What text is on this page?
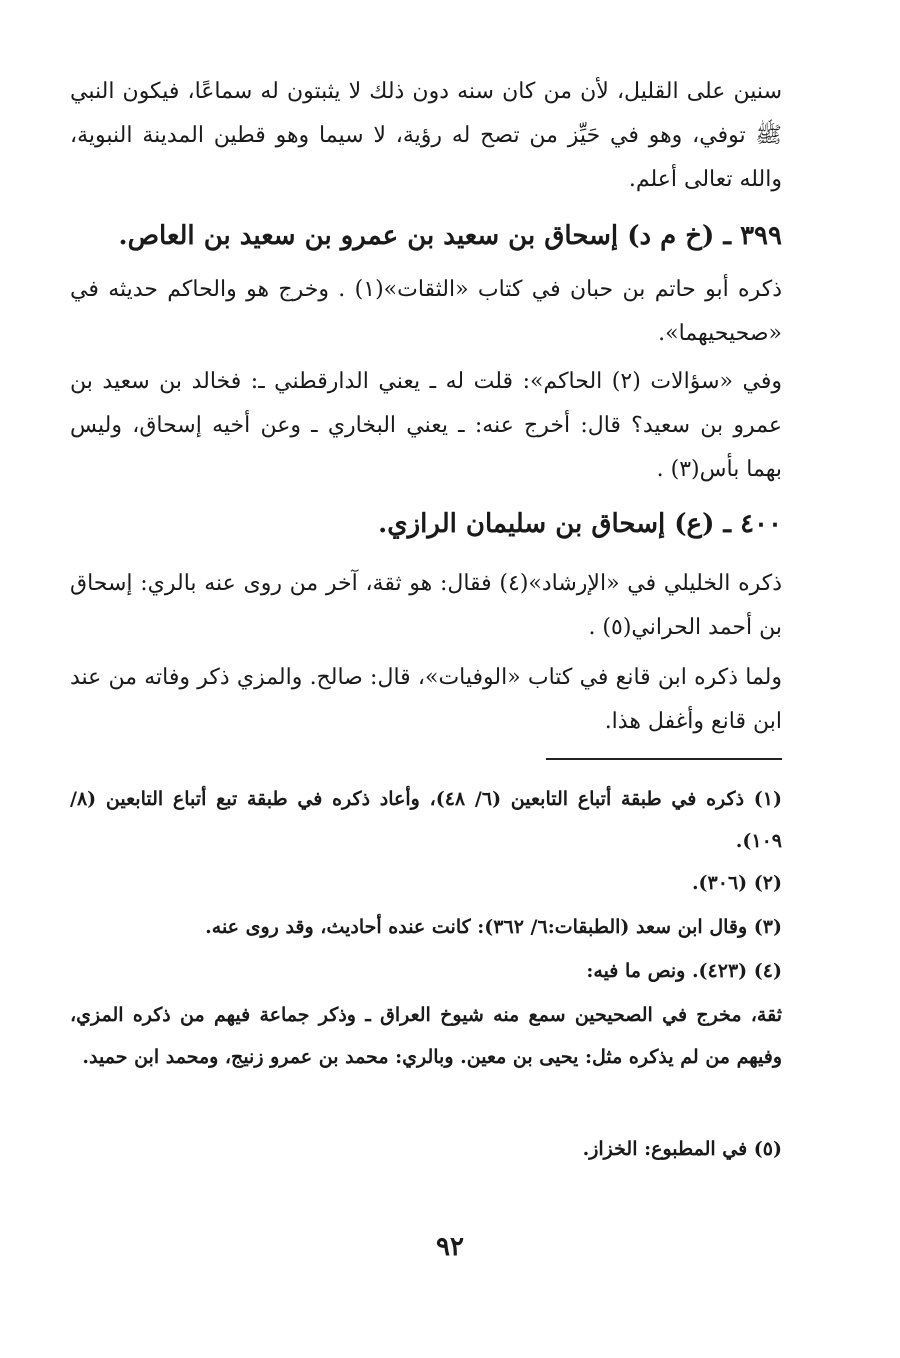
سنين على القليل، لأن من كان سنه دون ذلك لا يثبتون له سماعًا، فيكون النبي ﷺ توفي، وهو في حَيِّز من تصح له رؤية، لا سيما وهو قطين المدينة النبوية، والله تعالى أعلم.

٣٩٩ ـ (خ م د) إسحاق بن سعيد بن عمرو بن سعيد بن العاص.

ذكره أبو حاتم بن حبان في كتاب «الثقات»(١) . وخرج هو والحاكم حديثه في «صحيحيهما».

وفي «سؤالات (٢) الحاكم»: قلت له ـ يعني الدارقطني ـ: فخالد بن سعيد بن عمرو بن سعيد؟ قال: أخرج عنه: ـ يعني البخاري ـ وعن أخيه إسحاق، وليس بهما بأس(٣) .

٤٠٠ ـ (ع) إسحاق بن سليمان الرازي.

ذكره الخليلي في «الإرشاد»(٤) فقال: هو ثقة، آخر من روى عنه بالري: إسحاق بن أحمد الحراني(٥) .

ولما ذكره ابن قانع في كتاب «الوفيات»، قال: صالح. والمزي ذكر وفاته من عند ابن قانع وأغفل هذا.

(١) ذكره في طبقة أتباع التابعين (٦/ ٤٨)، وأعاد ذكره في طبقة تبع أتباع التابعين (٨/ ١٠٩).

(٢) (٣٠٦).

(٣) وقال ابن سعد (الطبقات:٦/ ٣٦٢): كانت عنده أحاديث، وقد روى عنه.

(٤) (٤٢٣). ونص ما فيه:

ثقة، مخرج في الصحيحين سمع منه شيوخ العراق ـ وذكر جماعة فيهم من ذكره المزي، وفيهم من لم يذكره مثل: يحيى بن معين. وبالري: محمد بن عمرو زنيج، ومحمد ابن حميد.

(٥) في المطبوع: الخزاز.

٩٢
